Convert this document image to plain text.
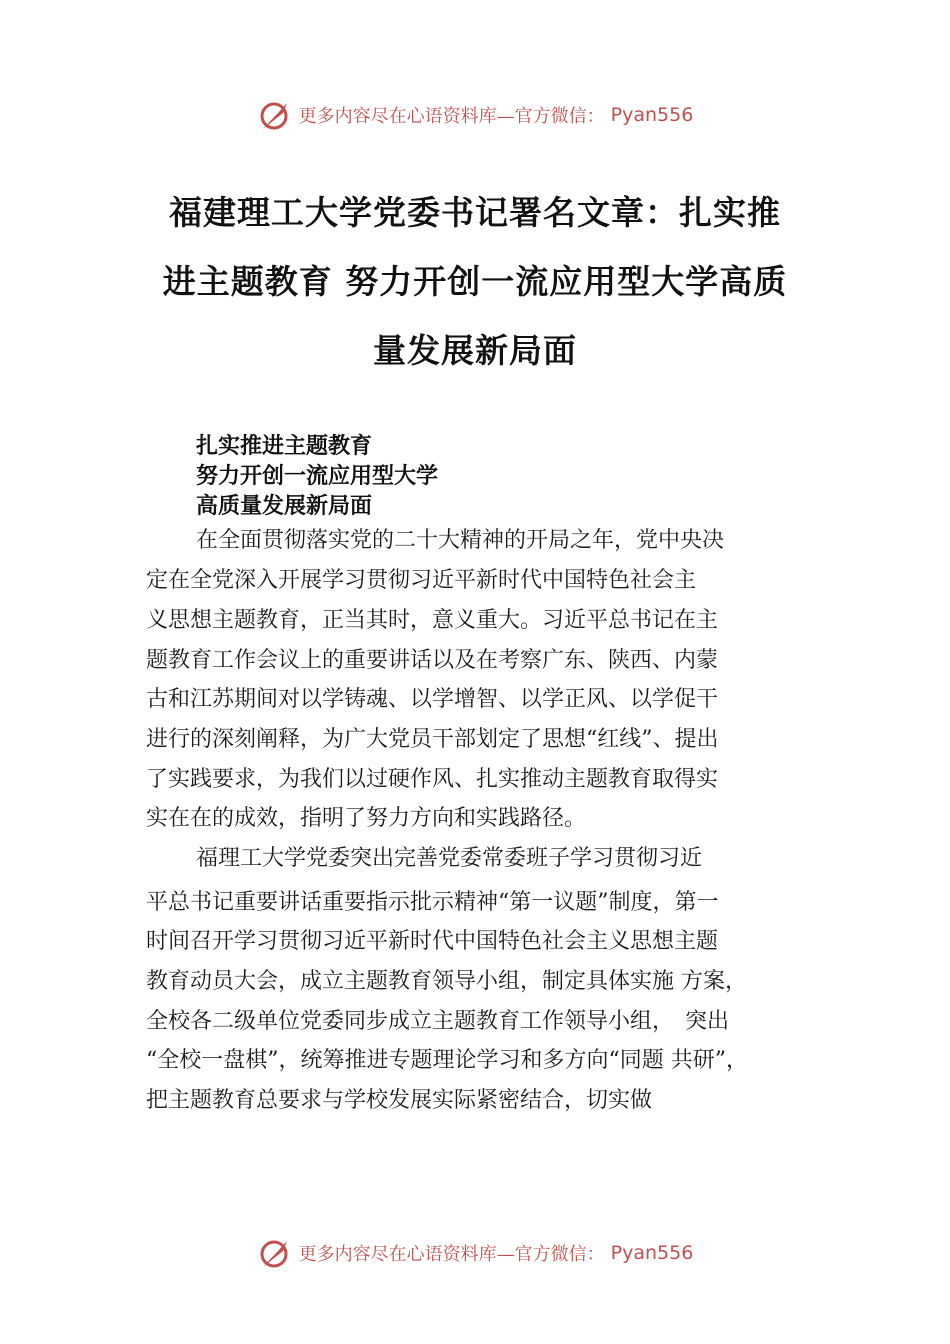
更多内容尽在心语资料库—官方微信： Pyan556
福建理工大学党委书记署名文章：扎实推
进主题教育 努力开创一流应用型大学高质
量发展新局面
扎实推进主题教育
努力开创一流应用型大学
高质量发展新局面
在全面贯彻落实党的二十大精神的开局之年，党中央决
定在全党深入开展学习贯彻习近平新时代中国特色社会主
义思想主题教育，正当其时，意义重大。习近平总书记在主
题教育工作会议上的重要讲话以及在考察广东、陕西、内蒙
古和江苏期间对以学铸魂、以学增智、以学正风、以学促干
进行的深刻阐释，为广大党员干部划定了思想“红线”、提出
了实践要求，为我们以过硬作风、扎实推动主题教育取得实
实在在的成效，指明了努力方向和实践路径。
福理工大学党委突出完善党委常委班子学习贯彻习近
平总书记重要讲话重要指示批示精神“第一议题”制度，第一
时间召开学习贯彻习近平新时代中国特色社会主义思想主题
教育动员大会，成立主题教育领导小组，制定具体实施 方案，
全校各二级单位党委同步成立主题教育工作领导小组，　突出
“全校一盘棋”，统筹推进专题理论学习和多方向“同题 共研”，
把主题教育总要求与学校发展实际紧密结合，切实做
更多内容尽在心语资料库—官方微信： Pyan556
